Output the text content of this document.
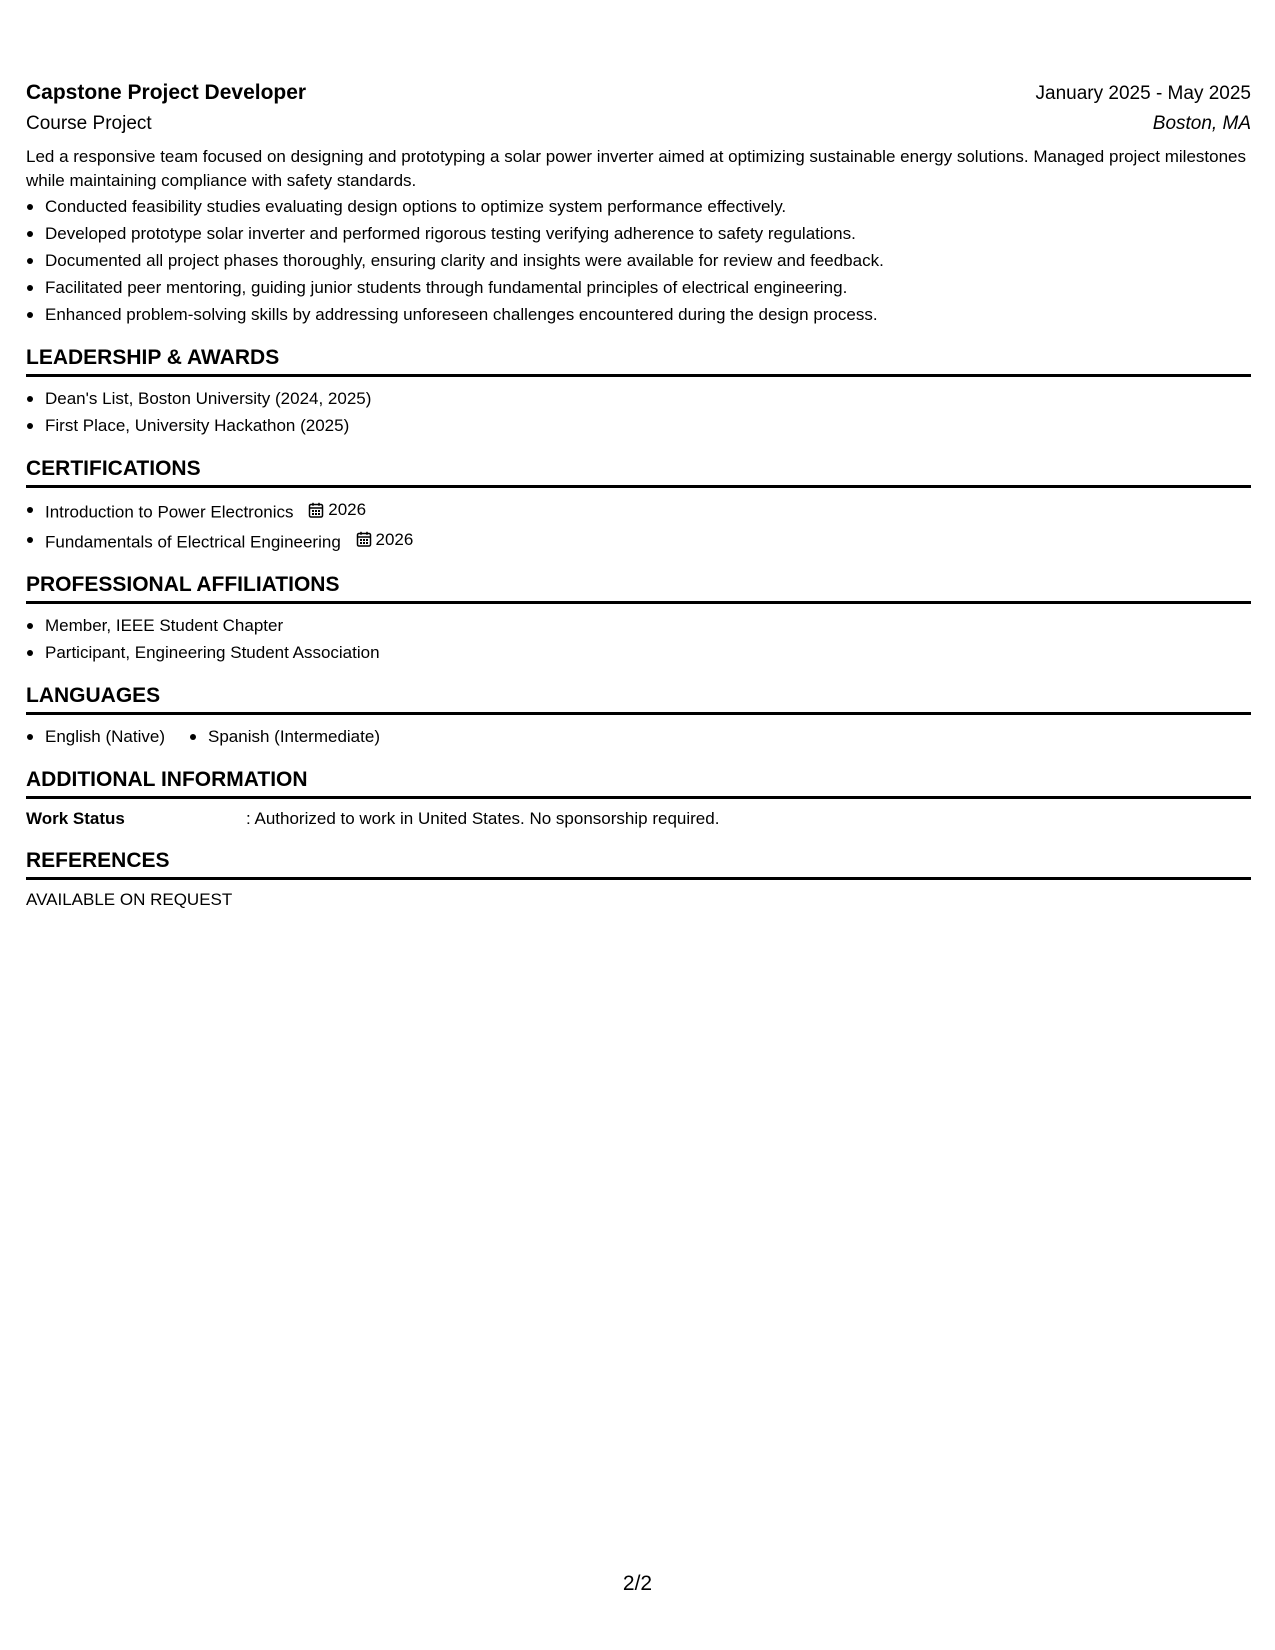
Capstone Project Developer	January 2025 - May 2025
Course Project	Boston, MA

Led a responsive team focused on designing and prototyping a solar power inverter aimed at optimizing sustainable energy solutions. Managed project milestones while maintaining compliance with safety standards.

Conducted feasibility studies evaluating design options to optimize system performance effectively.
Developed prototype solar inverter and performed rigorous testing verifying adherence to safety regulations.
Documented all project phases thoroughly, ensuring clarity and insights were available for review and feedback.
Facilitated peer mentoring, guiding junior students through fundamental principles of electrical engineering.
Enhanced problem-solving skills by addressing unforeseen challenges encountered during the design process.
LEADERSHIP & AWARDS
Dean's List, Boston University (2024, 2025)
First Place, University Hackathon (2025)
CERTIFICATIONS
Introduction to Power Electronics 2026
Fundamentals of Electrical Engineering 2026
PROFESSIONAL AFFILIATIONS
Member, IEEE Student Chapter
Participant, Engineering Student Association
LANGUAGES
English (Native)	Spanish (Intermediate)
ADDITIONAL INFORMATION
Work Status	: Authorized to work in United States. No sponsorship required.
REFERENCES
AVAILABLE ON REQUEST
2/2
